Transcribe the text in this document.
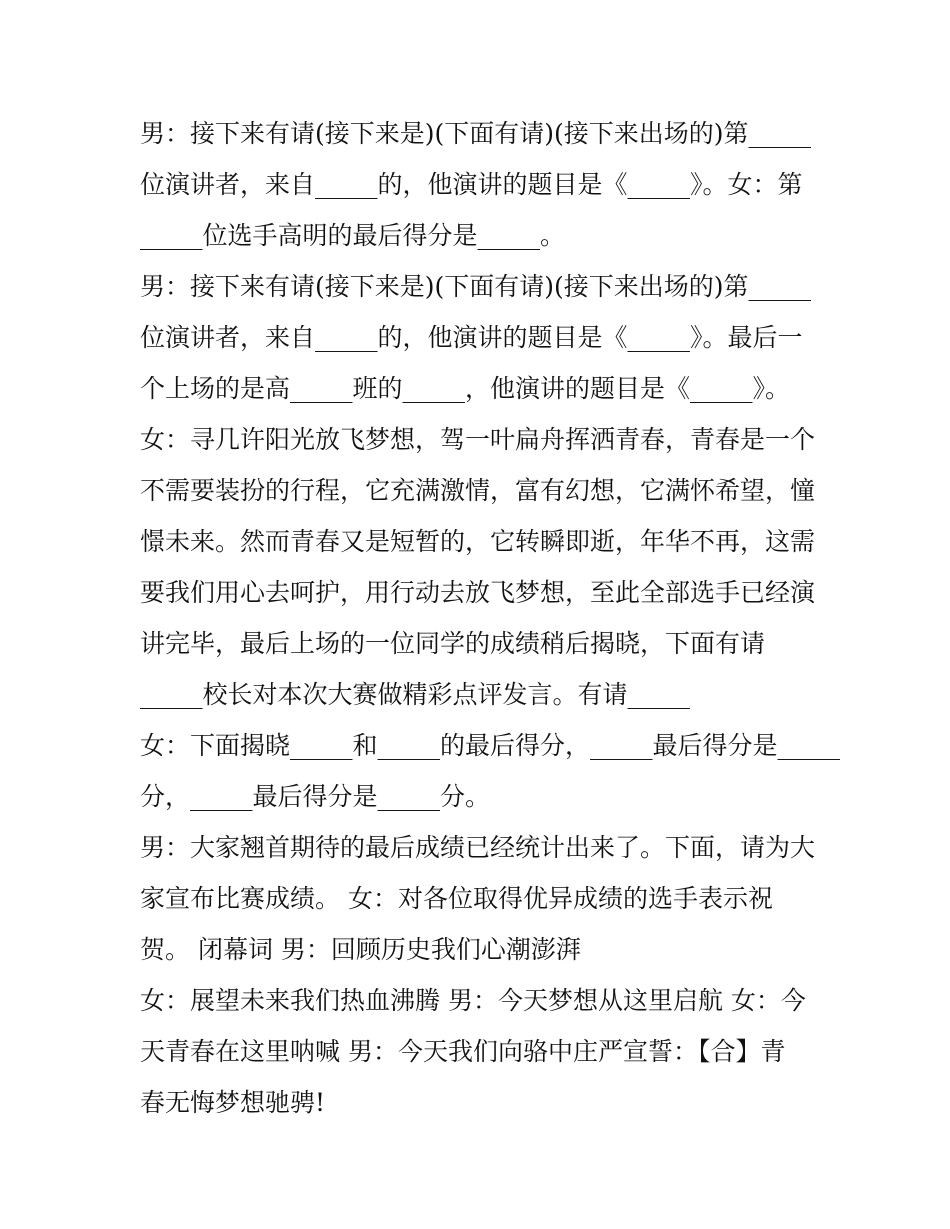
男：接下来有请(接下来是)(下面有请)(接下来出场的)第_____
位演讲者，来自_____的，他演讲的题目是《_____》。女：第
_____位选手高明的最后得分是_____。
男：接下来有请(接下来是)(下面有请)(接下来出场的)第_____
位演讲者，来自_____的，他演讲的题目是《_____》。最后一
个上场的是高_____班的_____，他演讲的题目是《_____》。
女：寻几许阳光放飞梦想，驾一叶扁舟挥洒青春，青春是一个
不需要装扮的行程，它充满激情，富有幻想，它满怀希望，憧
憬未来。然而青春又是短暂的，它转瞬即逝，年华不再，这需
要我们用心去呵护，用行动去放飞梦想，至此全部选手已经演
讲完毕，最后上场的一位同学的成绩稍后揭晓，下面有请
_____校长对本次大赛做精彩点评发言。有请_____
女：下面揭晓_____和_____的最后得分，_____最后得分是_____
分，_____最后得分是_____分。
男：大家翘首期待的最后成绩已经统计出来了。下面，请为大
家宣布比赛成绩。 女：对各位取得优异成绩的选手表示祝
贺。 闭幕词 男：回顾历史我们心潮澎湃
女：展望未来我们热血沸腾 男：今天梦想从这里启航 女：今
天青春在这里呐喊 男：今天我们向骆中庄严宣誓：【合】青
春无悔梦想驰骋!
